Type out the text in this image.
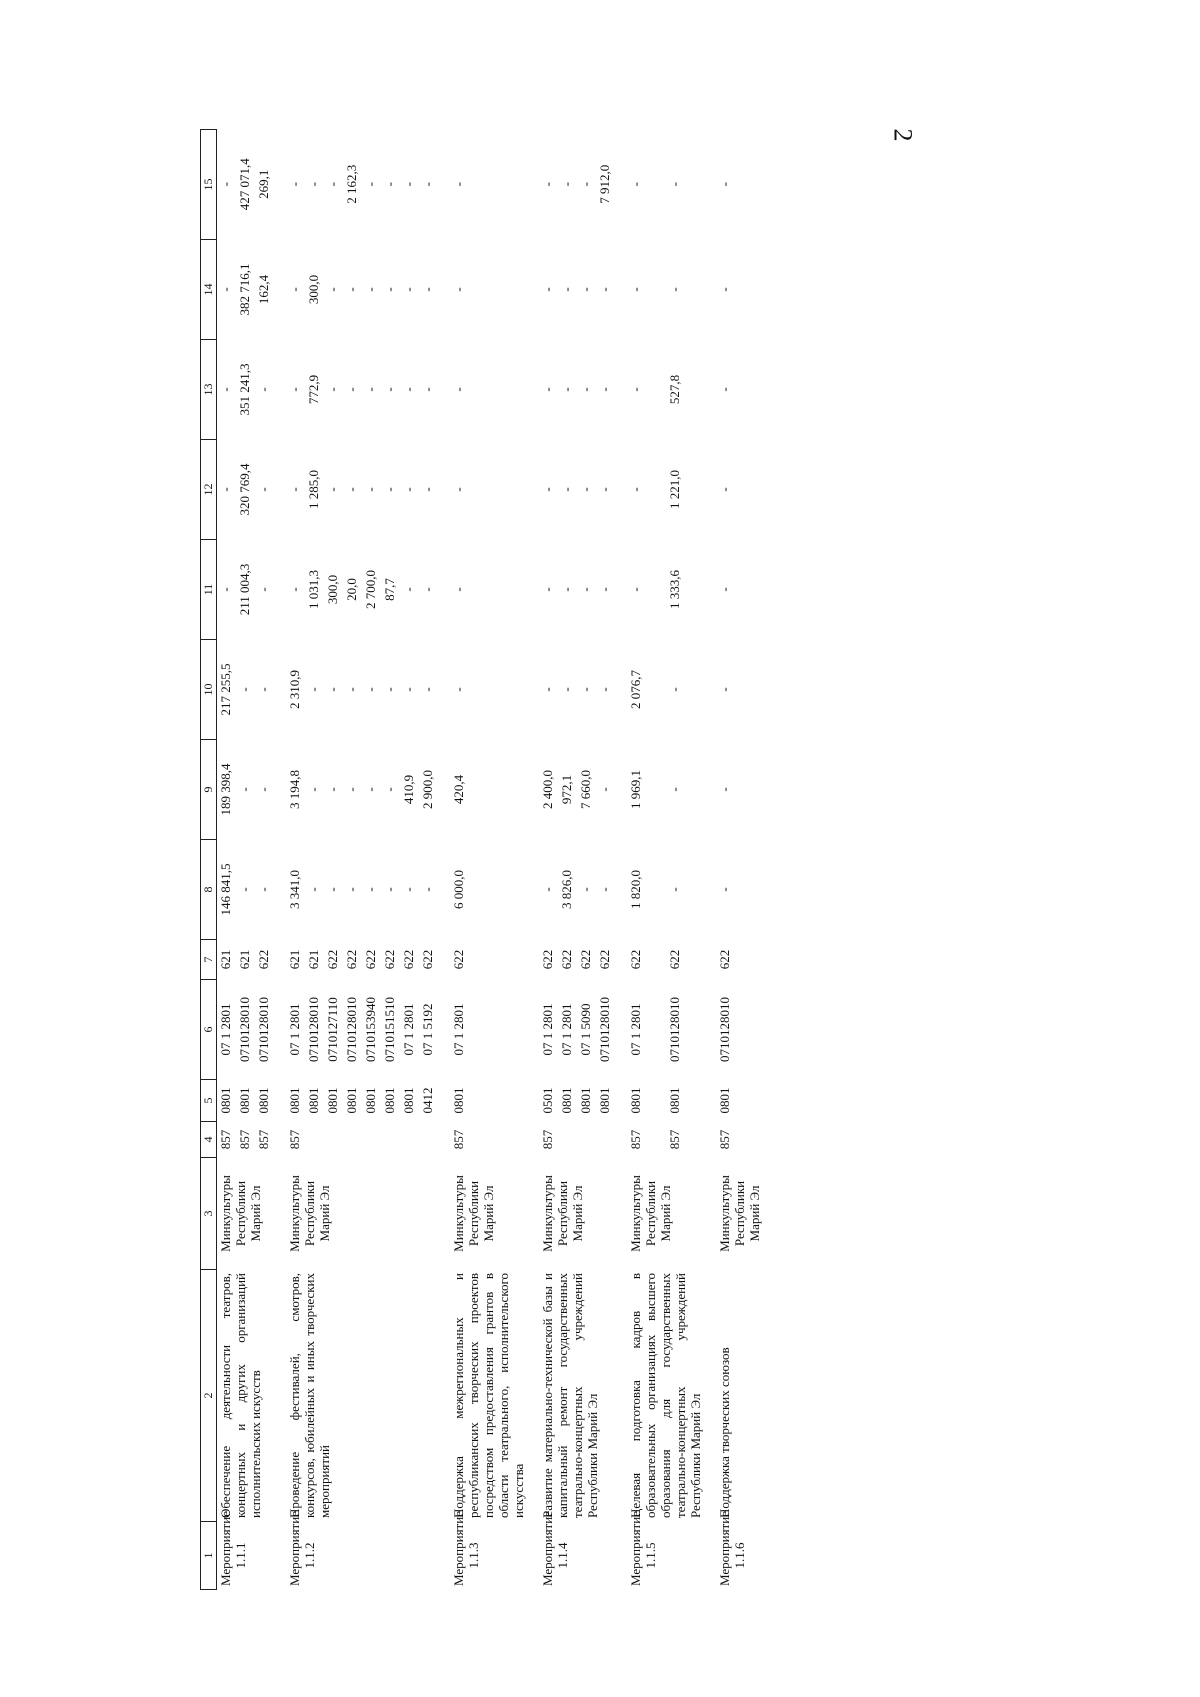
2
1	2	3	4	5	6	7	8	9	10	11	12	13	14	15
Мероприятие
1.1.1	Обеспечение деятельности театров, концертных и других организаций исполнительских искусств	Минкультуры Республики Марий Эл	857	0801	07 1 2801	621	146 841,5	189 398,4	217 255,5	-	-	-	-	-
			857	0801	0710128010	621	-	-	-	211 004,3	320 769,4	351 241,3	382 716,1	427 071,4
			857	0801	0710128010	622	-	-	-	-	-	-	162,4	269,1

Мероприятие
1.1.2	Проведение фестивалей, смотров, конкурсов, юбилейных и иных творческих мероприятий	Минкультуры Республики Марий Эл	857	0801	07 1 2801	621	3 341,0	3 194,8	2 310,9	-	-	-	-	-
				0801	0710128010	621	-	-	-	1 031,3	1 285,0	772,9	300,0	-
				0801	0710127110	622	-	-	-	300,0	-	-	-	-
				0801	0710128010	622	-	-	-	20,0	-	-	-	2 162,3
				0801	0710153940	622	-	-	-	2 700,0	-	-	-	-
				0801	0710151510	622	-	-	-	87,7	-	-	-	-
				0801	07 1 2801	622	-	410,9	-	-	-	-	-	-
				0412	07 1 5192	622	-	2 900,0	-	-	-	-	-	-

Мероприятие
1.1.3	Поддержка межрегиональных и республиканских творческих проектов посредством предоставления грантов в области театрального, исполнительского искусства	Минкультуры Республики Марий Эл	857	0801	07 1 2801	622	6 000,0	420,4	-	-	-	-	-	-

Мероприятие
1.1.4	Развитие материально-технической базы и капитальный ремонт государственных театрально-концертных учреждений Республики Марий Эл	Минкультуры Республики Марий Эл	857	0501	07 1 2801	622	-	2 400,0	-	-	-	-	-	-
				0801	07 1 2801	622	3 826,0	972,1	-	-	-	-	-	-
				0801	07 1 5090	622	-	7 660,0	-	-	-	-	-	-
				0801	0710128010	622	-	-	-	-	-	-	-	7 912,0

Мероприятие
1.1.5	Целевая подготовка кадров в образовательных организациях высшего образования для государственных театрально-концертных учреждений Республики Марий Эл	Минкультуры Республики Марий Эл	857	0801	07 1 2801	622	1 820,0	1 969,1	2 076,7	-	-	-	-	-
			857	0801	0710128010	622	-	-	-	1 333,6	1 221,0	527,8	-	-

Мероприятие
1.1.6	Поддержка творческих союзов	Минкультуры Республики Марий Эл	857	0801	0710128010	622	-	-	-	-	-	-	-	-
